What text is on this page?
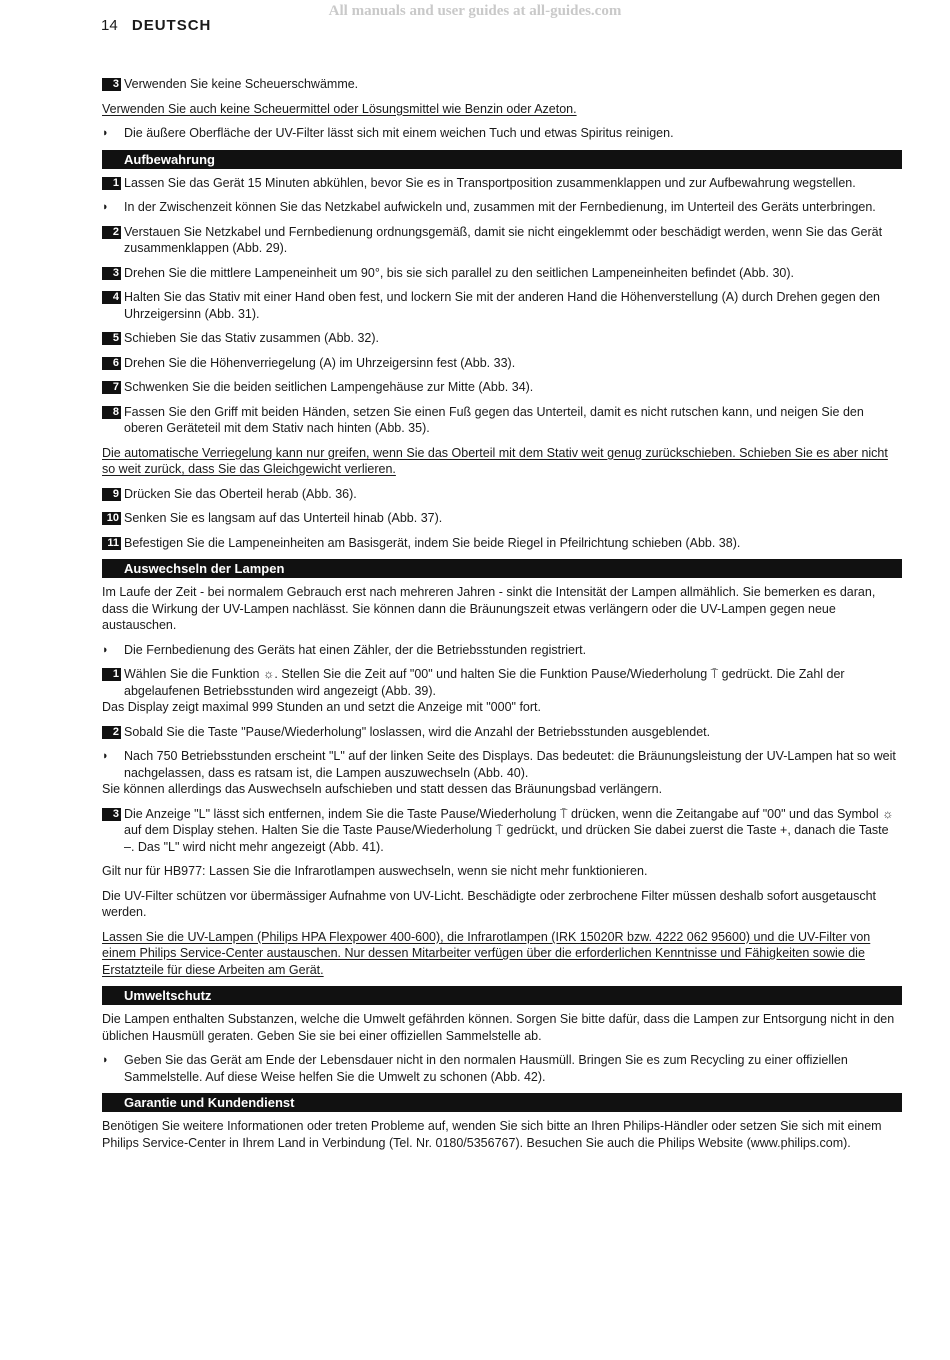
All manuals and user guides at all-guides.com
14 DEUTSCH
3 Verwenden Sie keine Scheuerschwämme.
Verwenden Sie auch keine Scheuermittel oder Lösungsmittel wie Benzin oder Azeton.
◗	Die äußere Oberfläche der UV-Filter lässt sich mit einem weichen Tuch und etwas Spiritus reinigen.
Aufbewahrung
1 Lassen Sie das Gerät 15 Minuten abkühlen, bevor Sie es in Transportposition zusammenklappen und zur Aufbewahrung wegstellen.
◗	In der Zwischenzeit können Sie das Netzkabel aufwickeln und, zusammen mit der Fernbedienung, im Unterteil des Geräts unterbringen.
2 Verstauen Sie Netzkabel und Fernbedienung ordnungsgemäß, damit sie nicht eingeklemmt oder beschädigt werden, wenn Sie das Gerät zusammenklappen (Abb. 29).
3 Drehen Sie die mittlere Lampeneinheit um 90°, bis sie sich parallel zu den seitlichen Lampeneinheiten befindet (Abb. 30).
4 Halten Sie das Stativ mit einer Hand oben fest, und lockern Sie mit der anderen Hand die Höhenverstellung (A) durch Drehen gegen den Uhrzeigersinn (Abb. 31).
5 Schieben Sie das Stativ zusammen (Abb. 32).
6 Drehen Sie die Höhenverriegelung (A) im Uhrzeigersinn fest (Abb. 33).
7 Schwenken Sie die beiden seitlichen Lampengehäuse zur Mitte (Abb. 34).
8 Fassen Sie den Griff mit beiden Händen, setzen Sie einen Fuß gegen das Unterteil, damit es nicht rutschen kann, und neigen Sie den oberen Geräteteil mit dem Stativ nach hinten (Abb. 35).
Die automatische Verriegelung kann nur greifen, wenn Sie das Oberteil mit dem Stativ weit genug zurückschieben. Schieben Sie es aber nicht so weit zurück, dass Sie das Gleichgewicht verlieren.
9 Drücken Sie das Oberteil herab (Abb. 36).
10 Senken Sie es langsam auf das Unterteil hinab (Abb. 37).
11 Befestigen Sie die Lampeneinheiten am Basisgerät, indem Sie beide Riegel in Pfeilrichtung schieben (Abb. 38).
Auswechseln der Lampen
Im Laufe der Zeit - bei normalem Gebrauch erst nach mehreren Jahren - sinkt die Intensität der Lampen allmählich. Sie bemerken es daran, dass die Wirkung der UV-Lampen nachlässt. Sie können dann die Bräunungszeit etwas verlängern oder die UV-Lampen gegen neue austauschen.
◗	Die Fernbedienung des Geräts hat einen Zähler, der die Betriebsstunden registriert.
1 Wählen Sie die Funktion ☼. Stellen Sie die Zeit auf "00" und halten Sie die Funktion Pause/Wiederholung ⍑ gedrückt. Die Zahl der abgelaufenen Betriebsstunden wird angezeigt (Abb. 39).
Das Display zeigt maximal 999 Stunden an und setzt die Anzeige mit "000" fort.
2 Sobald Sie die Taste "Pause/Wiederholung" loslassen, wird die Anzahl der Betriebsstunden ausgeblendet.
◗	Nach 750 Betriebsstunden erscheint "L" auf der linken Seite des Displays. Das bedeutet: die Bräunungsleistung der UV-Lampen hat so weit nachgelassen, dass es ratsam ist, die Lampen auszuwechseln (Abb. 40).
Sie können allerdings das Auswechseln aufschieben und statt dessen das Bräunungsbad verlängern.
3 Die Anzeige "L" lässt sich entfernen, indem Sie die Taste Pause/Wiederholung ⍑ drücken, wenn die Zeitangabe auf "00" und das Symbol ☼ auf dem Display stehen. Halten Sie die Taste Pause/Wiederholung ⍑ gedrückt, und drücken Sie dabei zuerst die Taste +, danach die Taste –. Das "L" wird nicht mehr angezeigt (Abb. 41).
Gilt nur für HB977: Lassen Sie die Infrarotlampen auswechseln, wenn sie nicht mehr funktionieren.
Die UV-Filter schützen vor übermässiger Aufnahme von UV-Licht. Beschädigte oder zerbrochene Filter müssen deshalb sofort ausgetauscht werden.
Lassen Sie die UV-Lampen (Philips HPA Flexpower 400-600), die Infrarotlampen (IRK 15020R bzw. 4222 062 95600) und die UV-Filter von einem Philips Service-Center austauschen. Nur dessen Mitarbeiter verfügen über die erforderlichen Kenntnisse und Fähigkeiten sowie die Erstatzteile für diese Arbeiten am Gerät.
Umweltschutz
Die Lampen enthalten Substanzen, welche die Umwelt gefährden können. Sorgen Sie bitte dafür, dass die Lampen zur Entsorgung nicht in den üblichen Hausmüll geraten. Geben Sie sie bei einer offiziellen Sammelstelle ab.
◗	Geben Sie das Gerät am Ende der Lebensdauer nicht in den normalen Hausmüll. Bringen Sie es zum Recycling zu einer offiziellen Sammelstelle. Auf diese Weise helfen Sie die Umwelt zu schonen (Abb. 42).
Garantie und Kundendienst
Benötigen Sie weitere Informationen oder treten Probleme auf, wenden Sie sich bitte an Ihren Philips-Händler oder setzen Sie sich mit einem Philips Service-Center in Ihrem Land in Verbindung (Tel. Nr. 0180/5356767). Besuchen Sie auch die Philips Website (www.philips.com).
